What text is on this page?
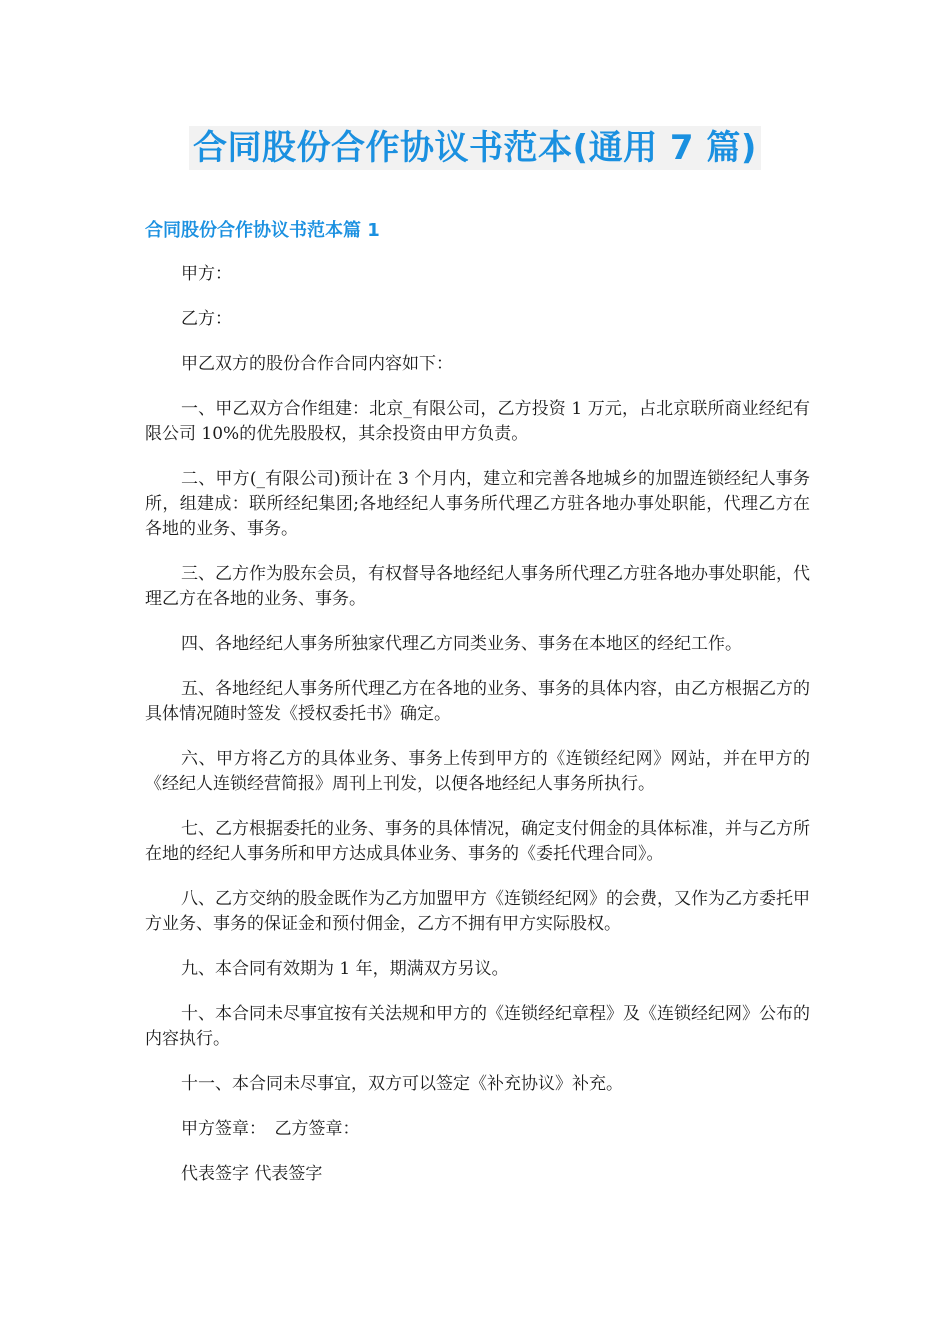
合同股份合作协议书范本(通用 7 篇)
合同股份合作协议书范本篇 1

甲方：

乙方：

甲乙双方的股份合作合同内容如下：

一、甲乙双方合作组建：北京_有限公司，乙方投资 1 万元，占北京联所商业经纪有限公司 10%的优先股股权，其余投资由甲方负责。

二、甲方(_有限公司)预计在 3 个月内，建立和完善各地城乡的加盟连锁经纪人事务所，组建成：联所经纪集团;各地经纪人事务所代理乙方驻各地办事处职能，代理乙方在各地的业务、事务。

三、乙方作为股东会员，有权督导各地经纪人事务所代理乙方驻各地办事处职能，代理乙方在各地的业务、事务。

四、各地经纪人事务所独家代理乙方同类业务、事务在本地区的经纪工作。

五、各地经纪人事务所代理乙方在各地的业务、事务的具体内容，由乙方根据乙方的具体情况随时签发《授权委托书》确定。

六、甲方将乙方的具体业务、事务上传到甲方的《连锁经纪网》网站，并在甲方的《经纪人连锁经营简报》周刊上刊发，以便各地经纪人事务所执行。

七、乙方根据委托的业务、事务的具体情况，确定支付佣金的具体标准，并与乙方所在地的经纪人事务所和甲方达成具体业务、事务的《委托代理合同》。

八、乙方交纳的股金既作为乙方加盟甲方《连锁经纪网》的会费，又作为乙方委托甲方业务、事务的保证金和预付佣金，乙方不拥有甲方实际股权。

九、本合同有效期为 1 年，期满双方另议。

十、本合同未尽事宜按有关法规和甲方的《连锁经纪章程》及《连锁经纪网》公布的内容执行。

十一、本合同未尽事宜，双方可以签定《补充协议》补充。

甲方签章：　乙方签章：

代表签字 代表签字
